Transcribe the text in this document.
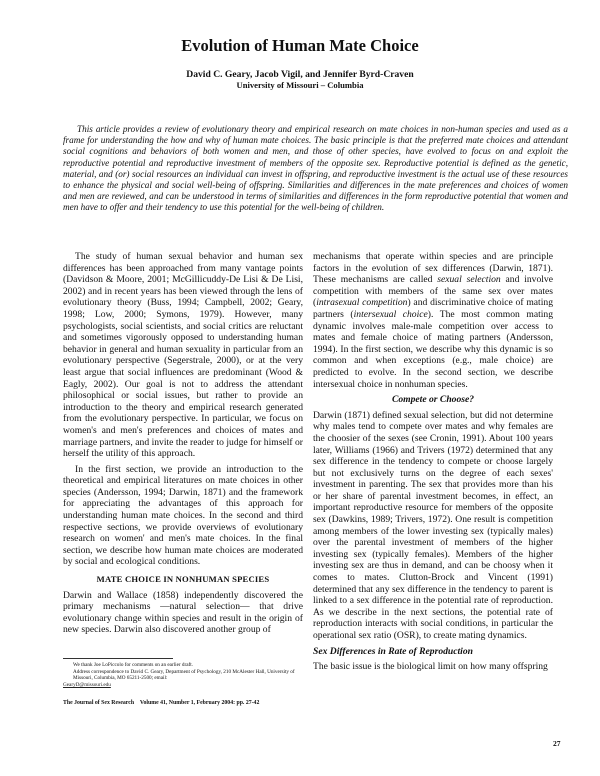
Evolution of Human Mate Choice
David C. Geary, Jacob Vigil, and Jennifer Byrd-Craven
University of Missouri – Columbia

This article provides a review of evolutionary theory and empirical research on mate choices in non-human species and used as a frame for understanding the how and why of human mate choices. The basic principle is that the preferred mate choices and attendant social cognitions and behaviors of both women and men, and those of other species, have evolved to focus on and exploit the reproductive potential and reproductive investment of members of the opposite sex. Reproductive potential is defined as the genetic, material, and (or) social resources an individual can invest in offspring, and reproductive investment is the actual use of these resources to enhance the physical and social well-being of offspring. Similarities and differences in the mate preferences and choices of women and men are reviewed, and can be understood in terms of similarities and differences in the form reproductive potential that women and men have to offer and their tendency to use this potential for the well-being of children.

The study of human sexual behavior and human sex differences has been approached from many vantage points (Davidson & Moore, 2001; McGillicuddy-De Lisi & De Lisi, 2002) and in recent years has been viewed through the lens of evolutionary theory (Buss, 1994; Campbell, 2002; Geary, 1998; Low, 2000; Symons, 1979). However, many psychologists, social scientists, and social critics are reluctant and sometimes vigorously opposed to understanding human behavior in general and human sexuality in particular from an evolutionary perspective (Segerstrale, 2000), or at the very least argue that social influences are predominant (Wood & Eagly, 2002). Our goal is not to address the attendant philosophical or social issues, but rather to provide an introduction to the theory and empirical research generated from the evolutionary perspective. In particular, we focus on women's and men's preferences and choices of mates and marriage partners, and invite the reader to judge for himself or herself the utility of this approach.

In the first section, we provide an introduction to the theoretical and empirical literatures on mate choices in other species (Andersson, 1994; Darwin, 1871) and the framework for appreciating the advantages of this approach for understanding human mate choices. In the second and third respective sections, we provide overviews of evolutionary research on women' and men's mate choices. In the final section, we describe how human mate choices are moderated by social and ecological conditions.

MATE CHOICE IN NONHUMAN SPECIES

Darwin and Wallace (1858) independently discovered the primary mechanisms —natural selection— that drive evolutionary change within species and result in the origin of new species. Darwin also discovered another group of

mechanisms that operate within species and are principle factors in the evolution of sex differences (Darwin, 1871). These mechanisms are called sexual selection and involve competition with members of the same sex over mates (intrasexual competition) and discriminative choice of mating partners (intersexual choice). The most common mating dynamic involves male-male competition over access to mates and female choice of mating partners (Andersson, 1994). In the first section, we describe why this dynamic is so common and when exceptions (e.g., male choice) are predicted to evolve. In the second section, we describe intersexual choice in nonhuman species.

Compete or Choose?

Darwin (1871) defined sexual selection, but did not determine why males tend to compete over mates and why females are the choosier of the sexes (see Cronin, 1991). About 100 years later, Williams (1966) and Trivers (1972) determined that any sex difference in the tendency to compete or choose largely but not exclusively turns on the degree of each sexes' investment in parenting. The sex that provides more than his or her share of parental investment becomes, in effect, an important reproductive resource for members of the opposite sex (Dawkins, 1989; Trivers, 1972). One result is competition among members of the lower investing sex (typically males) over the parental investment of members of the higher investing sex (typically females). Members of the higher investing sex are thus in demand, and can be choosy when it comes to mates. Clutton-Brock and Vincent (1991) determined that any sex difference in the tendency to parent is linked to a sex difference in the potential rate of reproduction. As we describe in the next sections, the potential rate of reproduction interacts with social conditions, in particular the operational sex ratio (OSR), to create mating dynamics.

Sex Differences in Rate of Reproduction

The basic issue is the biological limit on how many offspring

We thank Joe LoPiccolo for comments on an earlier draft.
Address correspondence to David C. Geary, Department of Psychology, 210 McAlester Hall, University of Missouri, Columbia, MO 65211-2500; email:
GearyD@missouri.edu
The Journal of Sex Research Volume 41, Number 1, February 2004: pp. 27-42
27
